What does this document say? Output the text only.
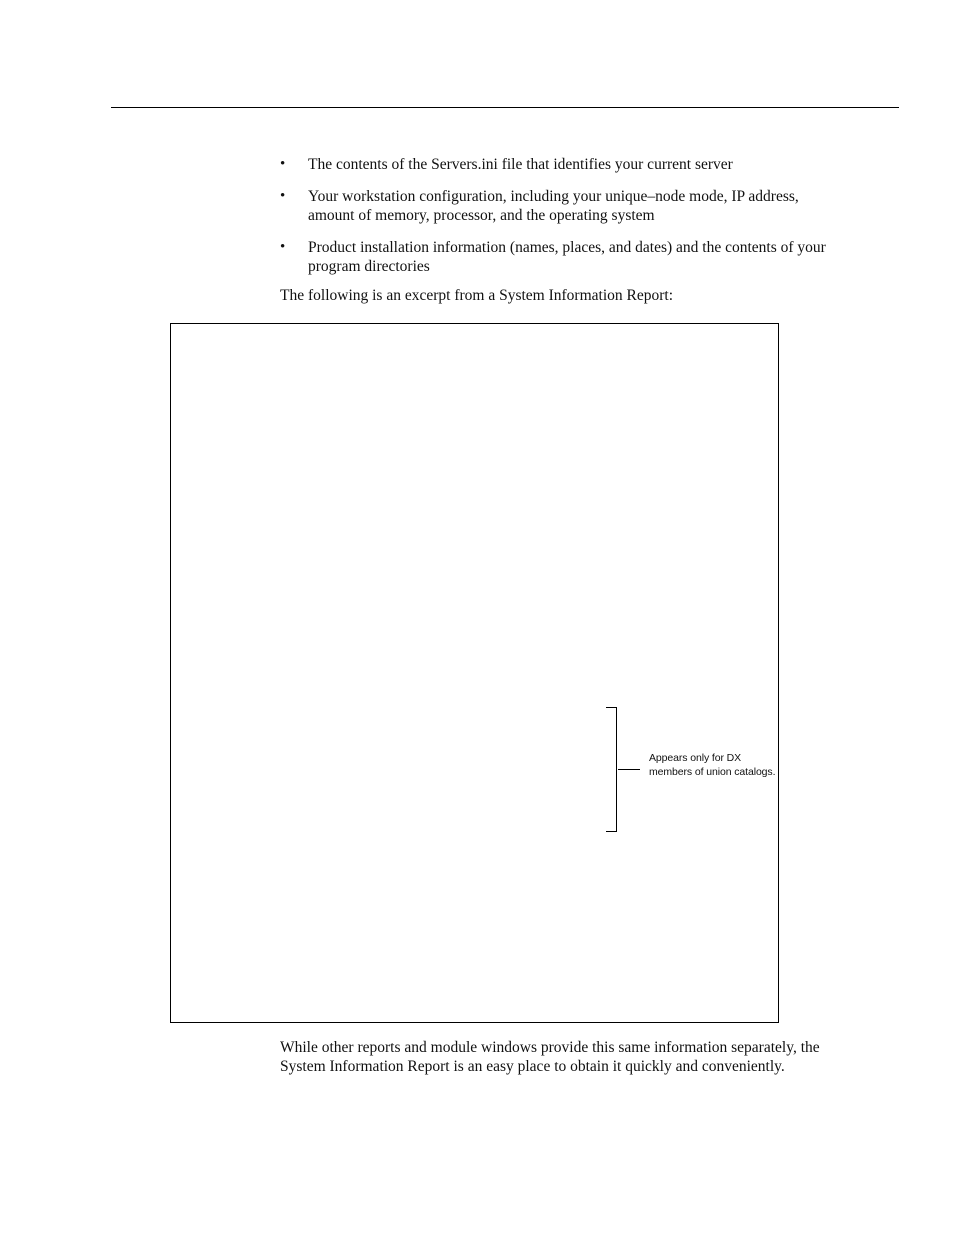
• The contents of the Servers.ini file that identifies your current server
• Your workstation configuration, including your unique–node mode, IP address, amount of memory, processor, and the operating system
• Product installation information (names, places, and dates) and the contents of your program directories

The following is an excerpt from a System Information Report:

Appears only for DX
members of union catalogs.

While other reports and module windows provide this same information separately, the System Information Report is an easy place to obtain it quickly and conveniently.
